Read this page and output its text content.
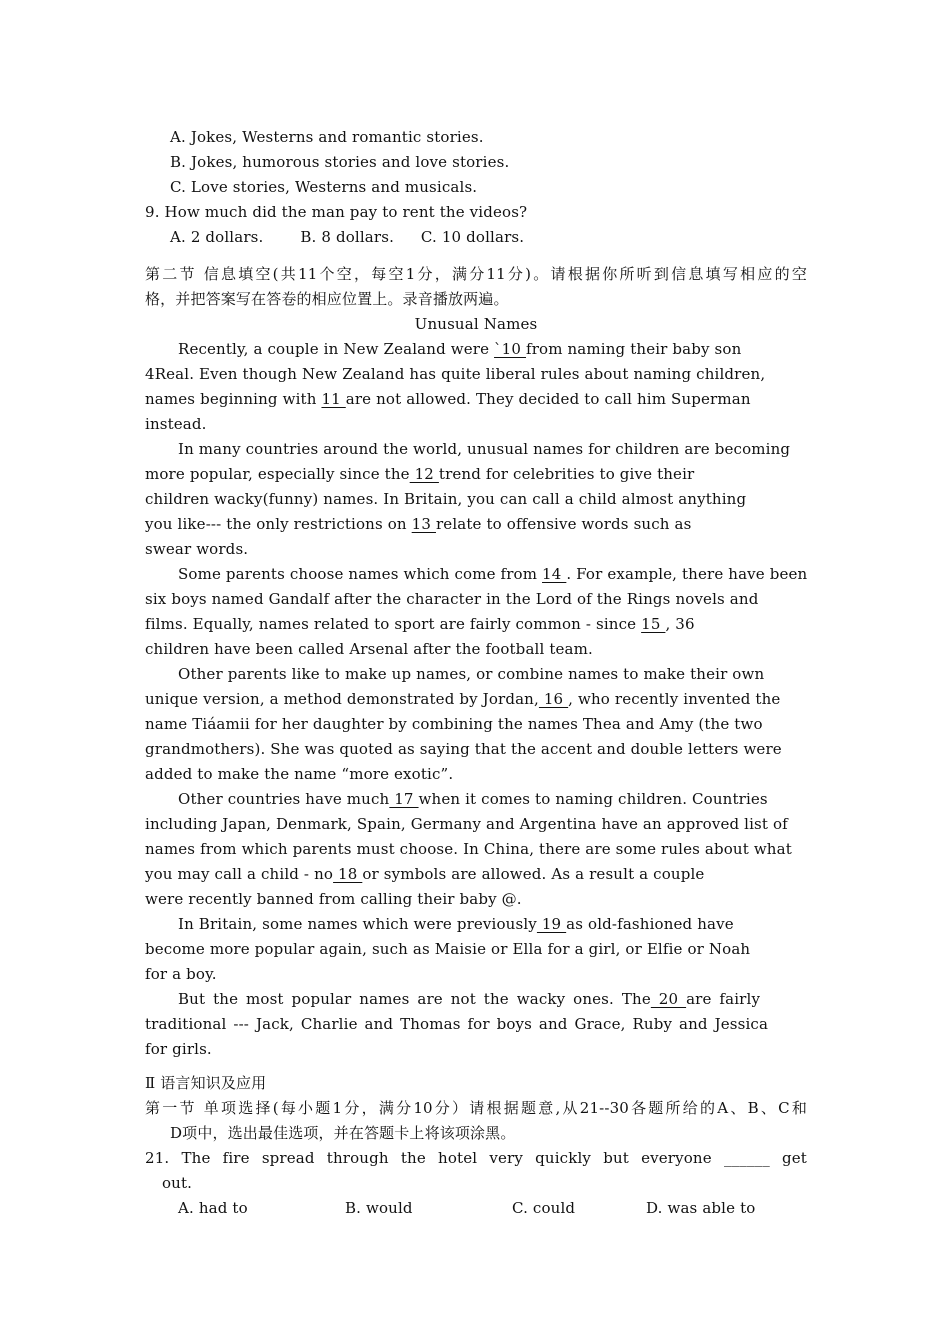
A. Jokes, Westerns and romantic stories.
B. Jokes, humorous stories and love stories.
C. Love stories, Westerns and musicals.
9. How much did the man pay to rent the videos?
A. 2 dollars. B. 8 dollars. C. 10 dollars.
第二节 信息填空(共11个空，每空1分，满分11分)。请根据你所听到信息填写相应的空
格，并把答案写在答卷的相应位置上。录音播放两遍。
Unusual Names
Recently, a couple in New Zealand were `10 from naming their baby son
4Real. Even though New Zealand has quite liberal rules about naming children,
names beginning with 11 are not allowed. They decided to call him Superman
instead.
In many countries around the world, unusual names for children are becoming
more popular, especially since the 12 trend for celebrities to give their
children wacky(funny) names. In Britain, you can call a child almost anything
you like--- the only restrictions on 13 relate to offensive words such as
swear words.
Some parents choose names which come from 14 . For example, there have been
six boys named Gandalf after the character in the Lord of the Rings novels and
films. Equally, names related to sport are fairly common - since 15 , 36
children have been called Arsenal after the football team.
Other parents like to make up names, or combine names to make their own
unique version, a method demonstrated by Jordan, 16 , who recently invented the
name Tiáamii for her daughter by combining the names Thea and Amy (the two
grandmothers). She was quoted as saying that the accent and double letters were
added to make the name “more exotic”.
Other countries have much 17 when it comes to naming children. Countries
including Japan, Denmark, Spain, Germany and Argentina have an approved list of
names from which parents must choose. In China, there are some rules about what
you may call a child - no 18 or symbols are allowed. As a result a couple
were recently banned from calling their baby @.
In Britain, some names which were previously 19 as old-fashioned have
become more popular again, such as Maisie or Ella for a girl, or Elfie or Noah
for a boy.
But the most popular names are not the wacky ones. The 20 are fairly
traditional --- Jack, Charlie and Thomas for boys and Grace, Ruby and Jessica
for girls.
Ⅱ 语言知识及应用
第一节 单项选择(每小题1分，满分10分）请根据题意,从21--30各题所给的A、B、C和
D项中，选出最佳选项，并在答题卡上将该项涂黑。
21. The fire spread through the hotel very quickly but everyone ______ get
out.
A. had to	B. would	C. could	D. was able to
